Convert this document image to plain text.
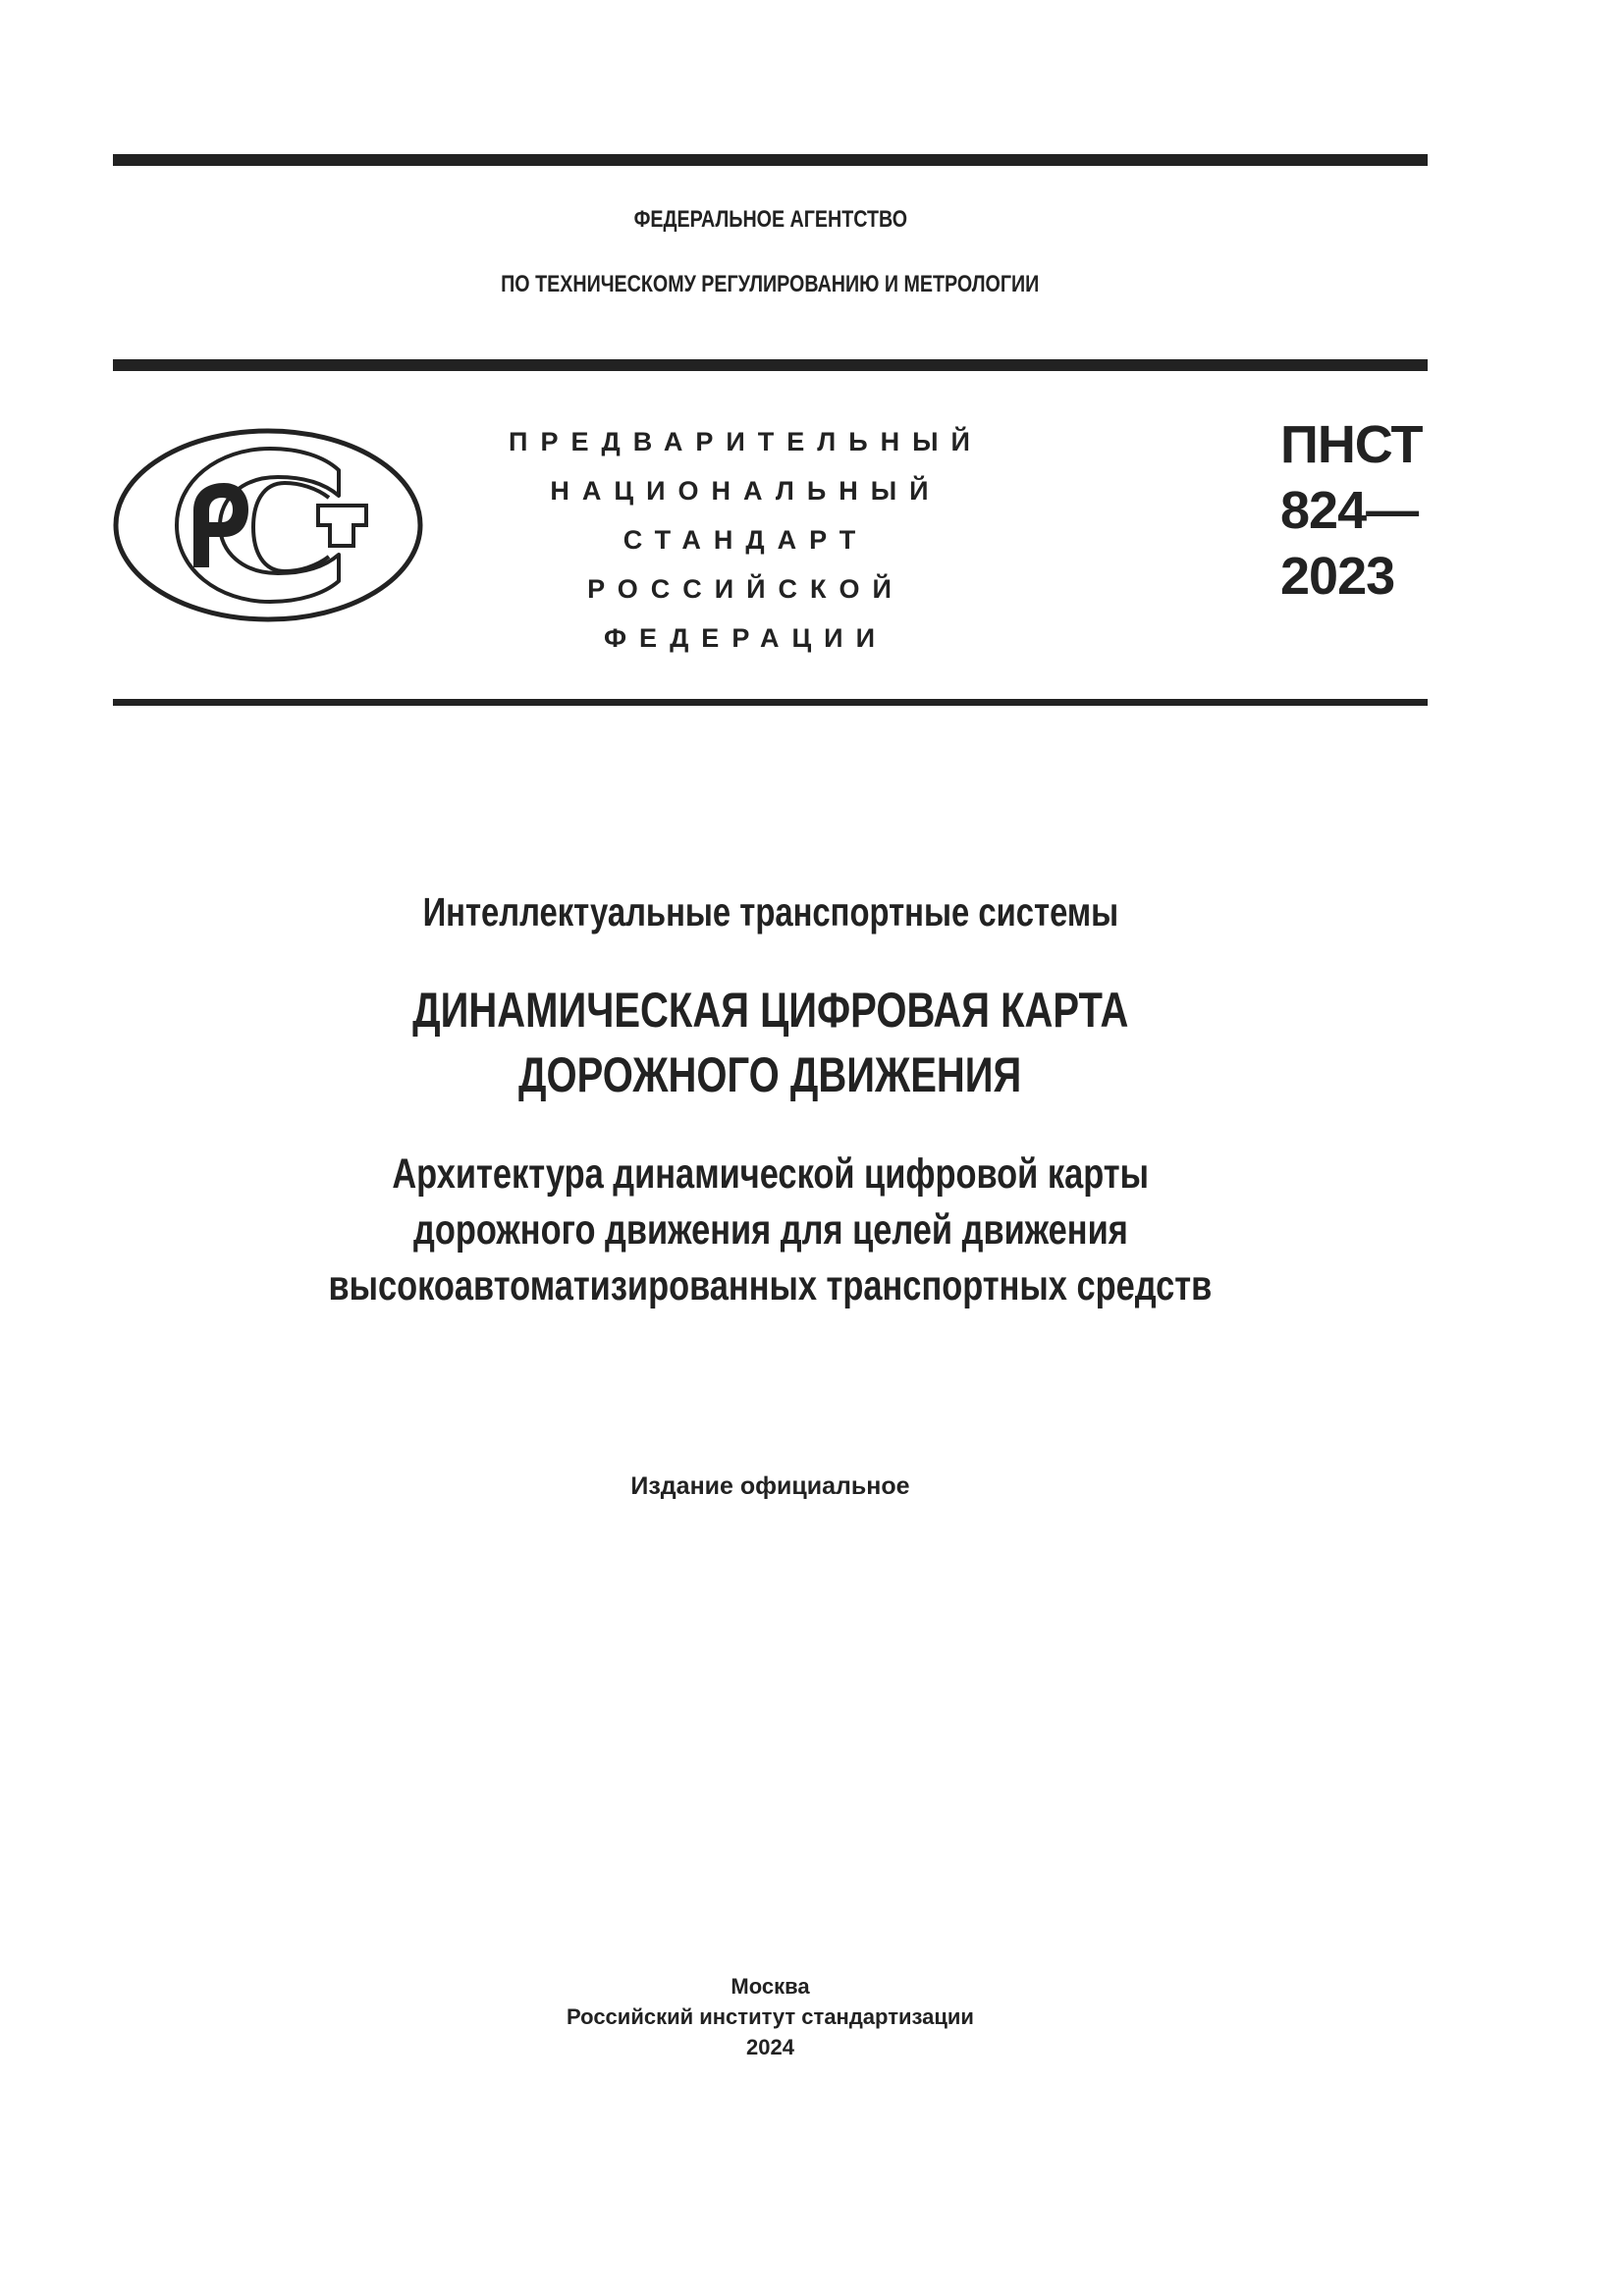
ФЕДЕРАЛЬНОЕ АГЕНТСТВО
ПО ТЕХНИЧЕСКОМУ РЕГУЛИРОВАНИЮ И МЕТРОЛОГИИ
ПРЕДВАРИТЕЛЬНЫЙ
НАЦИОНАЛЬНЫЙ
СТАНДАРТ
РОССИЙСКОЙ
ФЕДЕРАЦИИ
ПНСТ
824—
2023
Интеллектуальные транспортные системы
ДИНАМИЧЕСКАЯ ЦИФРОВАЯ КАРТА
ДОРОЖНОГО ДВИЖЕНИЯ
Архитектура динамической цифровой карты
дорожного движения для целей движения
высокоавтоматизированных транспортных средств
Издание официальное
Москва
Российский институт стандартизации
2024
